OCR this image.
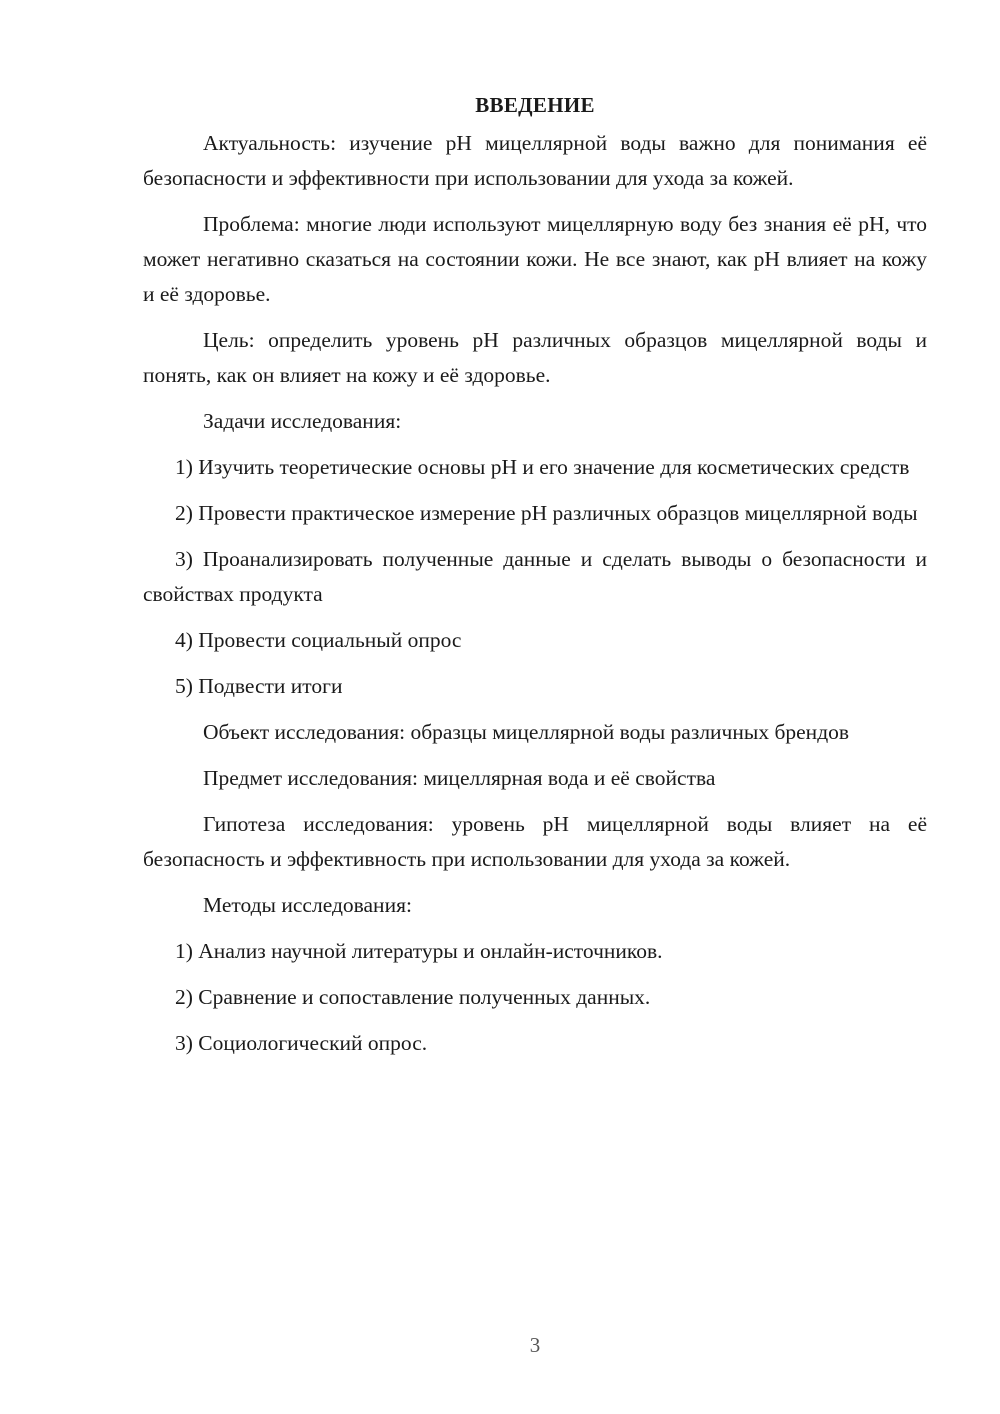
ВВЕДЕНИЕ

Актуальность: изучение pH мицеллярной воды важно для понимания её безопасности и эффективности при использовании для ухода за кожей.

Проблема: многие люди используют мицеллярную воду без знания её pH, что может негативно сказаться на состоянии кожи. Не все знают, как pH влияет на кожу и её здоровье.

Цель: определить уровень pH различных образцов мицеллярной воды и понять, как он влияет на кожу и её здоровье.

Задачи исследования:

1) Изучить теоретические основы pH и его значение для косметических средств

2) Провести практическое измерение pH различных образцов мицеллярной воды

3) Проанализировать полученные данные и сделать выводы о безопасности и свойствах продукта

4) Провести социальный опрос

5) Подвести итоги

Объект исследования: образцы мицеллярной воды различных брендов

Предмет исследования: мицеллярная вода и её свойства

Гипотеза исследования: уровень pH мицеллярной воды влияет на её безопасность и эффективность при использовании для ухода за кожей.

Методы исследования:

1) Анализ научной литературы и онлайн-источников.

2) Сравнение и сопоставление полученных данных.

3) Социологический опрос.

3
